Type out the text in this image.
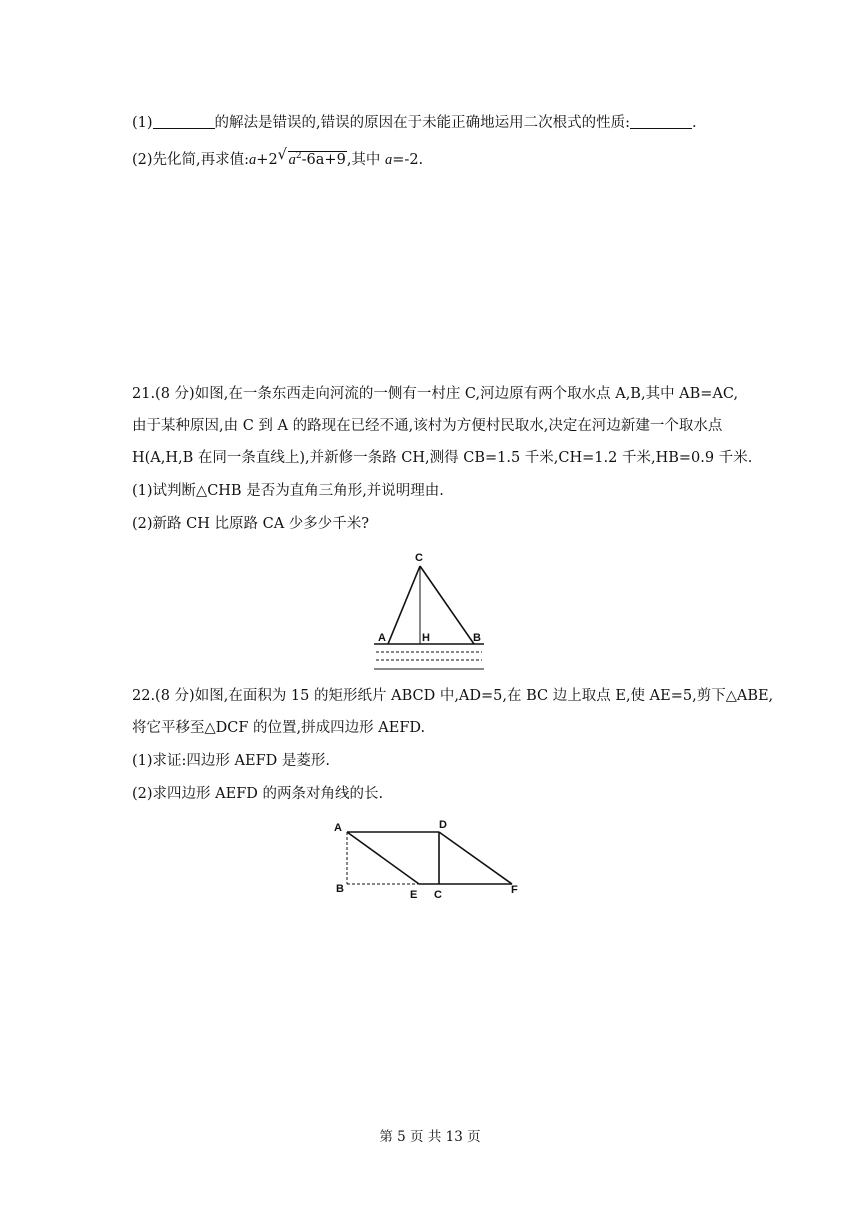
(1)	的解法是错误的,错误的原因在于未能正确地运用二次根式的性质:	.
(2)先化简,再求值:a+2√ $a^2-6a+9$,其中 a=-2.
21.(8 分)如图,在一条东西走向河流的一侧有一村庄 C,河边原有两个取水点 A,B,其中 AB=AC,
由于某种原因,由 C 到 A 的路现在已经不通,该村为方便村民取水,决定在河边新建一个取水点
H(A,H,B 在同一条直线上),并新修一条路 CH,测得 CB=1.5 千米,CH=1.2 千米,HB=0.9 千米.
(1)试判断△CHB 是否为直角三角形,并说明理由.
(2)新路 CH 比原路 CA 少多少千米?
C
A	H	B
22.(8 分)如图,在面积为 15 的矩形纸片 ABCD 中,AD=5,在 BC 边上取点 E,使 AE=5,剪下△ABE,
将它平移至△DCF 的位置,拼成四边形 AEFD.
(1)求证:四边形 AEFD 是菱形.
(2)求四边形 AEFD 的两条对角线的长.
A	D
B	E C	F
第 5 页 共 13 页
